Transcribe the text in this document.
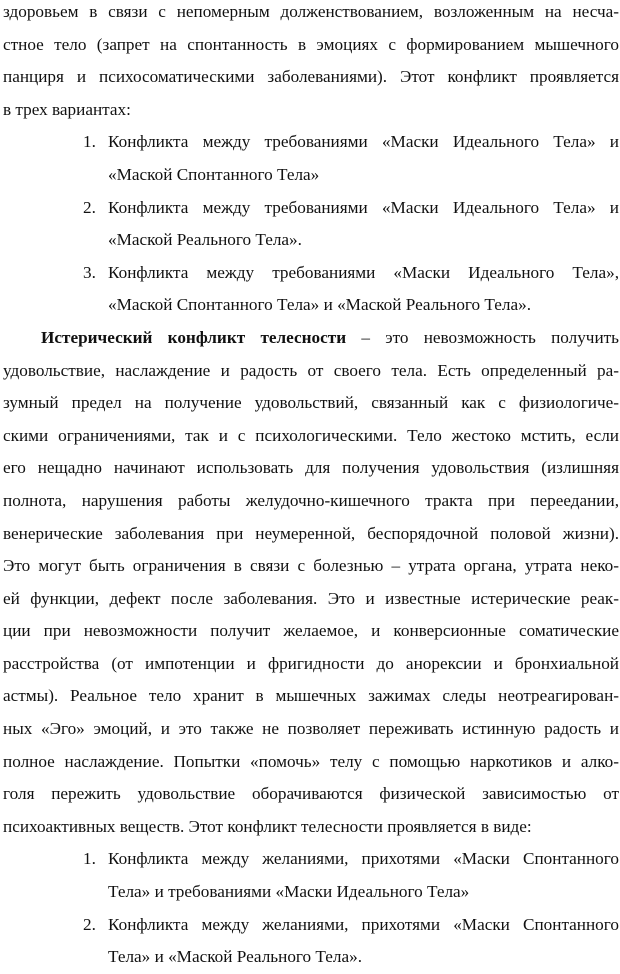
здоровьем в связи с непомерным долженствованием, возложенным на несча-
стное тело (запрет на спонтанность в эмоциях с формированием мышечного
панциря и психосоматическими заболеваниями). Этот конфликт проявляется
в трех вариантах:

1. Конфликта между требованиями «Маски Идеального Тела» и
«Маской Спонтанного Тела»
2. Конфликта между требованиями «Маски Идеального Тела» и
«Маской Реального Тела».
3. Конфликта между требованиями «Маски Идеального Тела»,
«Маской Спонтанного Тела» и «Маской Реального Тела».

Истерический конфликт телесности – это невозможность получить
удовольствие, наслаждение и радость от своего тела. Есть определенный ра-
зумный предел на получение удовольствий, связанный как с физиологиче-
скими ограничениями, так и с психологическими. Тело жестоко мстить, если
его нещадно начинают использовать для получения удовольствия (излишняя
полнота, нарушения работы желудочно-кишечного тракта при переедании,
венерические заболевания при неумеренной, беспорядочной половой жизни).
Это могут быть ограничения в связи с болезнью – утрата органа, утрата неко-
ей функции, дефект после заболевания. Это и известные истерические реак-
ции при невозможности получит желаемое, и конверсионные соматические
расстройства (от импотенции и фригидности до анорексии и бронхиальной
астмы). Реальное тело хранит в мышечных зажимах следы неотреагирован-
ных «Эго» эмоций, и это также не позволяет переживать истинную радость и
полное наслаждение. Попытки «помочь» телу с помощью наркотиков и алко-
голя пережить удовольствие оборачиваются физической зависимостью от
психоактивных веществ. Этот конфликт телесности проявляется в виде:

1. Конфликта между желаниями, прихотями «Маски Спонтанного
Тела» и требованиями «Маски Идеального Тела»
2. Конфликта между желаниями, прихотями «Маски Спонтанного
Тела» и «Маской Реального Тела».
